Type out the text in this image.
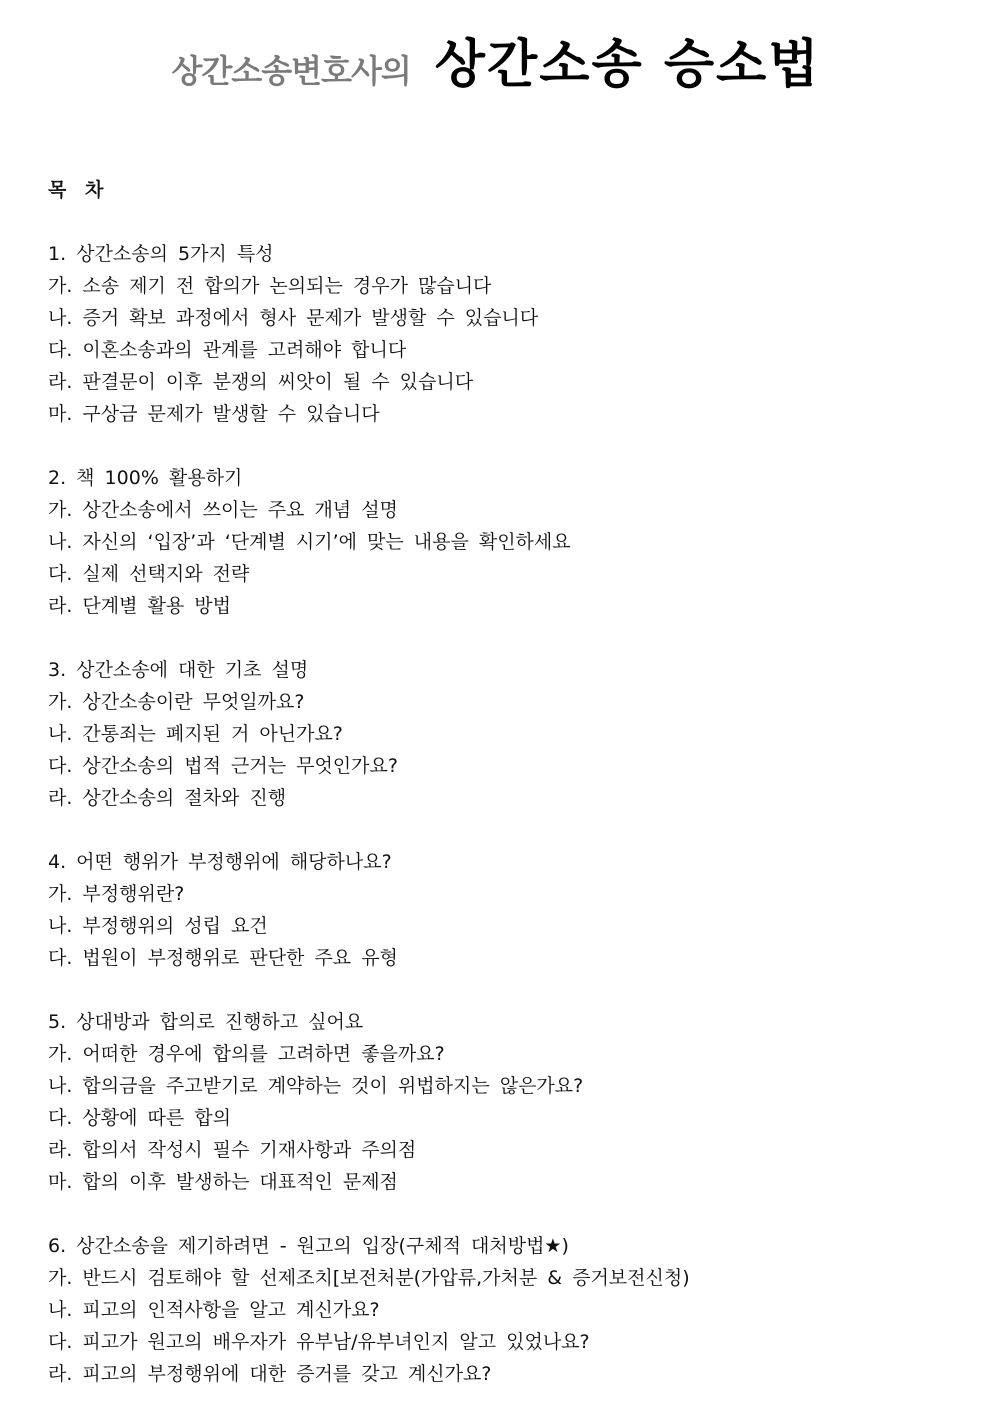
상간소송변호사의 상간소송 승소법
목 차
1. 상간소송의 5가지 특성
가. 소송 제기 전 합의가 논의되는 경우가 많습니다
나. 증거 확보 과정에서 형사 문제가 발생할 수 있습니다
다. 이혼소송과의 관계를 고려해야 합니다
라. 판결문이 이후 분쟁의 씨앗이 될 수 있습니다
마. 구상금 문제가 발생할 수 있습니다
2. 책 100% 활용하기
가. 상간소송에서 쓰이는 주요 개념 설명
나. 자신의 ‘입장’과 ‘단계별 시기’에 맞는 내용을 확인하세요
다. 실제 선택지와 전략
라. 단계별 활용 방법
3. 상간소송에 대한 기초 설명
가. 상간소송이란 무엇일까요?
나. 간통죄는 폐지된 거 아닌가요?
다. 상간소송의 법적 근거는 무엇인가요?
라. 상간소송의 절차와 진행
4. 어떤 행위가 부정행위에 해당하나요?
가. 부정행위란?
나. 부정행위의 성립 요건
다. 법원이 부정행위로 판단한 주요 유형
5. 상대방과 합의로 진행하고 싶어요
가. 어떠한 경우에 합의를 고려하면 좋을까요?
나. 합의금을 주고받기로 계약하는 것이 위법하지는 않은가요?
다. 상황에 따른 합의
라. 합의서 작성시 필수 기재사항과 주의점
마. 합의 이후 발생하는 대표적인 문제점
6. 상간소송을 제기하려면 - 원고의 입장(구체적 대처방법★)
가. 반드시 검토해야 할 선제조치[보전처분(가압류,가처분 & 증거보전신청)
나. 피고의 인적사항을 알고 계신가요?
다. 피고가 원고의 배우자가 유부남/유부녀인지 알고 있었나요?
라. 피고의 부정행위에 대한 증거를 갖고 계신가요?
